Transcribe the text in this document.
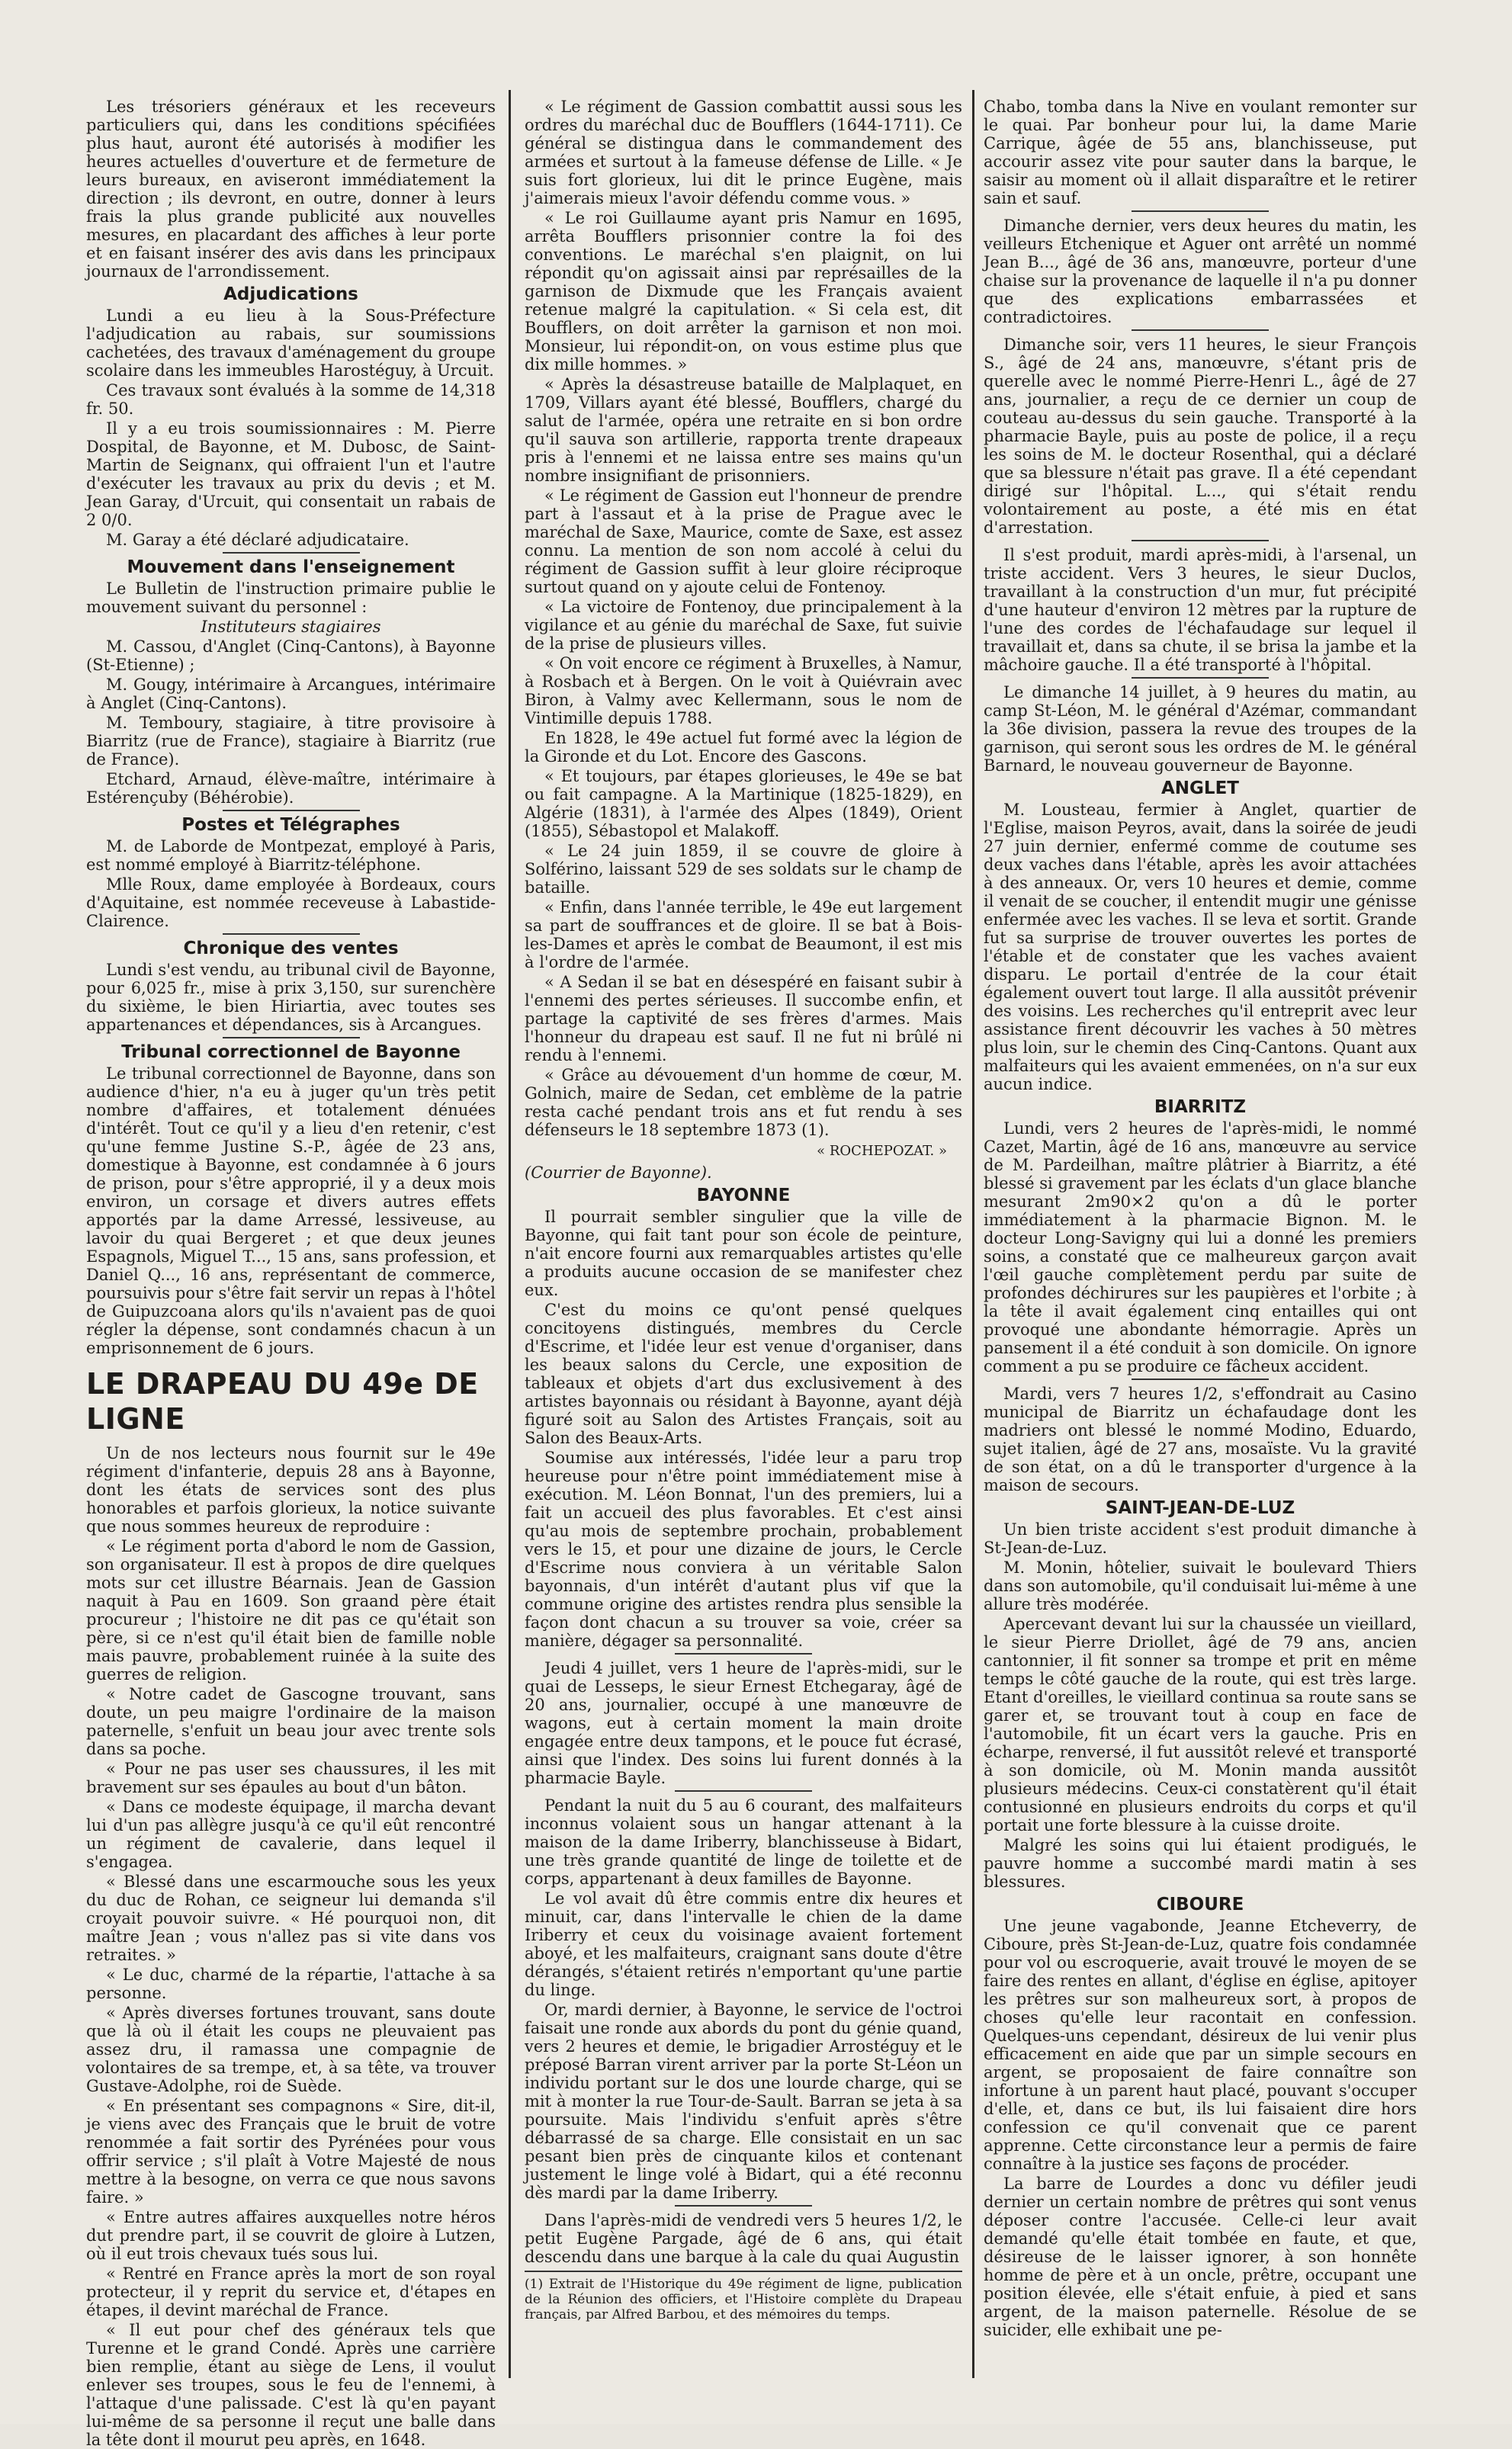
Les trésoriers généraux et les receveurs particuliers qui, dans les conditions spécifiées plus haut, auront été autorisés à modifier les heures actuelles d'ouverture et de fermeture de leurs bureaux, en aviseront immédiatement la direction ; ils devront, en outre, donner à leurs frais la plus grande publicité aux nouvelles mesures, en placardant des affiches à leur porte et en faisant insérer des avis dans les principaux journaux de l'arrondissement.

Adjudications

Lundi a eu lieu à la Sous-Préfecture l'adjudication au rabais, sur soumissions cachetées, des travaux d'aménagement du groupe scolaire dans les immeubles Harostéguy, à Urcuit.

Ces travaux sont évalués à la somme de 14,318 fr. 50.

Il y a eu trois soumissionnaires : M. Pierre Dospital, de Bayonne, et M. Dubosc, de Saint-Martin de Seignanx, qui offraient l'un et l'autre d'exécuter les travaux au prix du devis ; et M. Jean Garay, d'Urcuit, qui consentait un rabais de 2 0/0.

M. Garay a été déclaré adjudicataire.

Mouvement dans l'enseignement

Le Bulletin de l'instruction primaire publie le mouvement suivant du personnel :

Instituteurs stagiaires

M. Cassou, d'Anglet (Cinq-Cantons), à Bayonne (St-Etienne) ;

M. Gougy, intérimaire à Arcangues, intérimaire à Anglet (Cinq-Cantons).

M. Temboury, stagiaire, à titre provisoire à Biarritz (rue de France), stagiaire à Biarritz (rue de France).

Etchard, Arnaud, élève-maître, intérimaire à Estérençuby (Béhérobie).

Postes et Télégraphes

M. de Laborde de Montpezat, employé à Paris, est nommé employé à Biarritz-téléphone.

Mlle Roux, dame employée à Bordeaux, cours d'Aquitaine, est nommée receveuse à Labastide-Clairence.

Chronique des ventes

Lundi s'est vendu, au tribunal civil de Bayonne, pour 6,025 fr., mise à prix 3,150, sur surenchère du sixième, le bien Hiriartia, avec toutes ses appartenances et dépendances, sis à Arcangues.

Tribunal correctionnel de Bayonne

Le tribunal correctionnel de Bayonne, dans son audience d'hier, n'a eu à juger qu'un très petit nombre d'affaires, et totalement dénuées d'intérêt. Tout ce qu'il y a lieu d'en retenir, c'est qu'une femme Justine S.-P., âgée de 23 ans, domestique à Bayonne, est condamnée à 6 jours de prison, pour s'être approprié, il y a deux mois environ, un corsage et divers autres effets apportés par la dame Arressé, lessiveuse, au lavoir du quai Bergeret ; et que deux jeunes Espagnols, Miguel T..., 15 ans, sans profession, et Daniel Q..., 16 ans, représentant de commerce, poursuivis pour s'être fait servir un repas à l'hôtel de Guipuzcoana alors qu'ils n'avaient pas de quoi régler la dépense, sont condamnés chacun à un emprisonnement de 6 jours.

LE DRAPEAU DU 49e DE LIGNE

Un de nos lecteurs nous fournit sur le 49e régiment d'infanterie, depuis 28 ans à Bayonne, dont les états de services sont des plus honorables et parfois glorieux, la notice suivante que nous sommes heureux de reproduire :

« Le régiment porta d'abord le nom de Gassion, son organisateur. Il est à propos de dire quelques mots sur cet illustre Béarnais. Jean de Gassion naquit à Pau en 1609. Son graand père était procureur ; l'histoire ne dit pas ce qu'était son père, si ce n'est qu'il était bien de famille noble mais pauvre, probablement ruinée à la suite des guerres de religion.

« Notre cadet de Gascogne trouvant, sans doute, un peu maigre l'ordinaire de la maison paternelle, s'enfuit un beau jour avec trente sols dans sa poche.

« Pour ne pas user ses chaussures, il les mit bravement sur ses épaules au bout d'un bâton.

« Dans ce modeste équipage, il marcha devant lui d'un pas allègre jusqu'à ce qu'il eût rencontré un régiment de cavalerie, dans lequel il s'engagea.

« Blessé dans une escarmouche sous les yeux du duc de Rohan, ce seigneur lui demanda s'il croyait pouvoir suivre. « Hé pourquoi non, dit maître Jean ; vous n'allez pas si vite dans vos retraites. »

« Le duc, charmé de la répartie, l'attache à sa personne.

« Après diverses fortunes trouvant, sans doute que là où il était les coups ne pleuvaient pas assez dru, il ramassa une compagnie de volontaires de sa trempe, et, à sa tête, va trouver Gustave-Adolphe, roi de Suède.

« En présentant ses compagnons « Sire, dit-il, je viens avec des Français que le bruit de votre renommée a fait sortir des Pyrénées pour vous offrir service ; s'il plaît à Votre Majesté de nous mettre à la besogne, on verra ce que nous savons faire. »

« Entre autres affaires auxquelles notre héros dut prendre part, il se couvrit de gloire à Lutzen, où il eut trois chevaux tués sous lui.

« Rentré en France après la mort de son royal protecteur, il y reprit du service et, d'étapes en étapes, il devint maréchal de France.

« Il eut pour chef des généraux tels que Turenne et le grand Condé. Après une carrière bien remplie, étant au siège de Lens, il voulut enlever ses troupes, sous le feu de l'ennemi, à l'attaque d'une palissade. C'est là qu'en payant lui-même de sa personne il reçut une balle dans la tête dont il mourut peu après, en 1648.

« Le régiment de Gassion combattit aussi sous les ordres du maréchal duc de Boufflers (1644-1711). Ce général se distingua dans le commandement des armées et surtout à la fameuse défense de Lille. « Je suis fort glorieux, lui dit le prince Eugène, mais j'aimerais mieux l'avoir défendu comme vous. »

« Le roi Guillaume ayant pris Namur en 1695, arrêta Boufflers prisonnier contre la foi des conventions. Le maréchal s'en plaignit, on lui répondit qu'on agissait ainsi par représailles de la garnison de Dixmude que les Français avaient retenue malgré la capitulation. « Si cela est, dit Boufflers, on doit arrêter la garnison et non moi. Monsieur, lui répondit-on, on vous estime plus que dix mille hommes. »

« Après la désastreuse bataille de Malplaquet, en 1709, Villars ayant été blessé, Boufflers, chargé du salut de l'armée, opéra une retraite en si bon ordre qu'il sauva son artillerie, rapporta trente drapeaux pris à l'ennemi et ne laissa entre ses mains qu'un nombre insignifiant de prisonniers.

« Le régiment de Gassion eut l'honneur de prendre part à l'assaut et à la prise de Prague avec le maréchal de Saxe, Maurice, comte de Saxe, est assez connu. La mention de son nom accolé à celui du régiment de Gassion suffit à leur gloire réciproque surtout quand on y ajoute celui de Fontenoy.

« La victoire de Fontenoy, due principalement à la vigilance et au génie du maréchal de Saxe, fut suivie de la prise de plusieurs villes.

« On voit encore ce régiment à Bruxelles, à Namur, à Rosbach et à Bergen. On le voit à Quiévrain avec Biron, à Valmy avec Kellermann, sous le nom de Vintimille depuis 1788.

En 1828, le 49e actuel fut formé avec la légion de la Gironde et du Lot. Encore des Gascons.

« Et toujours, par étapes glorieuses, le 49e se bat ou fait campagne. A la Martinique (1825-1829), en Algérie (1831), à l'armée des Alpes (1849), Orient (1855), Sébastopol et Malakoff.

« Le 24 juin 1859, il se couvre de gloire à Solférino, laissant 529 de ses soldats sur le champ de bataille.

« Enfin, dans l'année terrible, le 49e eut largement sa part de souffrances et de gloire. Il se bat à Bois-les-Dames et après le combat de Beaumont, il est mis à l'ordre de l'armée.

« A Sedan il se bat en désespéré en faisant subir à l'ennemi des pertes sérieuses. Il succombe enfin, et partage la captivité de ses frères d'armes. Mais l'honneur du drapeau est sauf. Il ne fut ni brûlé ni rendu à l'ennemi.

« Grâce au dévouement d'un homme de cœur, M. Golnich, maire de Sedan, cet emblème de la patrie resta caché pendant trois ans et fut rendu à ses défenseurs le 18 septembre 1873 (1).

« ROCHEPOZAT. »
(Courrier de Bayonne).
BAYONNE

Il pourrait sembler singulier que la ville de Bayonne, qui fait tant pour son école de peinture, n'ait encore fourni aux remarquables artistes qu'elle a produits aucune occasion de se manifester chez eux.

C'est du moins ce qu'ont pensé quelques concitoyens distingués, membres du Cercle d'Escrime, et l'idée leur est venue d'organiser, dans les beaux salons du Cercle, une exposition de tableaux et objets d'art dus exclusivement à des artistes bayonnais ou résidant à Bayonne, ayant déjà figuré soit au Salon des Artistes Français, soit au Salon des Beaux-Arts.

Soumise aux intéressés, l'idée leur a paru trop heureuse pour n'être point immédiatement mise à exécution. M. Léon Bonnat, l'un des premiers, lui a fait un accueil des plus favorables. Et c'est ainsi qu'au mois de septembre prochain, probablement vers le 15, et pour une dizaine de jours, le Cercle d'Escrime nous conviera à un véritable Salon bayonnais, d'un intérêt d'autant plus vif que la commune origine des artistes rendra plus sensible la façon dont chacun a su trouver sa voie, créer sa manière, dégager sa personnalité.

Jeudi 4 juillet, vers 1 heure de l'après-midi, sur le quai de Lesseps, le sieur Ernest Etchegaray, âgé de 20 ans, journalier, occupé à une manœuvre de wagons, eut à certain moment la main droite engagée entre deux tampons, et le pouce fut écrasé, ainsi que l'index. Des soins lui furent donnés à la pharmacie Bayle.

Pendant la nuit du 5 au 6 courant, des malfaiteurs inconnus volaient sous un hangar attenant à la maison de la dame Iriberry, blanchisseuse à Bidart, une très grande quantité de linge de toilette et de corps, appartenant à deux familles de Bayonne.

Le vol avait dû être commis entre dix heures et minuit, car, dans l'intervalle le chien de la dame Iriberry et ceux du voisinage avaient fortement aboyé, et les malfaiteurs, craignant sans doute d'être dérangés, s'étaient retirés n'emportant qu'une partie du linge.

Or, mardi dernier, à Bayonne, le service de l'octroi faisait une ronde aux abords du pont du génie quand, vers 2 heures et demie, le brigadier Arrostéguy et le préposé Barran virent arriver par la porte St-Léon un individu portant sur le dos une lourde charge, qui se mit à monter la rue Tour-de-Sault. Barran se jeta à sa poursuite. Mais l'individu s'enfuit après s'être débarrassé de sa charge. Elle consistait en un sac pesant bien près de cinquante kilos et contenant justement le linge volé à Bidart, qui a été reconnu dès mardi par la dame Iriberry.

Dans l'après-midi de vendredi vers 5 heures 1/2, le petit Eugène Pargade, âgé de 6 ans, qui était descendu dans une barque à la cale du quai Augustin

(1) Extrait de l'Historique du 49e régiment de ligne, publication de la Réunion des officiers, et l'Histoire complète du Drapeau français, par Alfred Barbou, et des mémoires du temps.

Chabo, tomba dans la Nive en voulant remonter sur le quai. Par bonheur pour lui, la dame Marie Carrique, âgée de 55 ans, blanchisseuse, put accourir assez vite pour sauter dans la barque, le saisir au moment où il allait disparaître et le retirer sain et sauf.

Dimanche dernier, vers deux heures du matin, les veilleurs Etchenique et Aguer ont arrêté un nommé Jean B..., âgé de 36 ans, manœuvre, porteur d'une chaise sur la provenance de laquelle il n'a pu donner que des explications embarrassées et contradictoires.

Dimanche soir, vers 11 heures, le sieur François S., âgé de 24 ans, manœuvre, s'étant pris de querelle avec le nommé Pierre-Henri L., âgé de 27 ans, journalier, a reçu de ce dernier un coup de couteau au-dessus du sein gauche. Transporté à la pharmacie Bayle, puis au poste de police, il a reçu les soins de M. le docteur Rosenthal, qui a déclaré que sa blessure n'était pas grave. Il a été cependant dirigé sur l'hôpital. L..., qui s'était rendu volontairement au poste, a été mis en état d'arrestation.

Il s'est produit, mardi après-midi, à l'arsenal, un triste accident. Vers 3 heures, le sieur Duclos, travaillant à la construction d'un mur, fut précipité d'une hauteur d'environ 12 mètres par la rupture de l'une des cordes de l'échafaudage sur lequel il travaillait et, dans sa chute, il se brisa la jambe et la mâchoire gauche. Il a été transporté à l'hôpital.

Le dimanche 14 juillet, à 9 heures du matin, au camp St-Léon, M. le général d'Azémar, commandant la 36e division, passera la revue des troupes de la garnison, qui seront sous les ordres de M. le général Barnard, le nouveau gouverneur de Bayonne.

ANGLET

M. Lousteau, fermier à Anglet, quartier de l'Eglise, maison Peyros, avait, dans la soirée de jeudi 27 juin dernier, enfermé comme de coutume ses deux vaches dans l'étable, après les avoir attachées à des anneaux. Or, vers 10 heures et demie, comme il venait de se coucher, il entendit mugir une génisse enfermée avec les vaches. Il se leva et sortit. Grande fut sa surprise de trouver ouvertes les portes de l'étable et de constater que les vaches avaient disparu. Le portail d'entrée de la cour était également ouvert tout large. Il alla aussitôt prévenir des voisins. Les recherches qu'il entreprit avec leur assistance firent découvrir les vaches à 50 mètres plus loin, sur le chemin des Cinq-Cantons. Quant aux malfaiteurs qui les avaient emmenées, on n'a sur eux aucun indice.

BIARRITZ

Lundi, vers 2 heures de l'après-midi, le nommé Cazet, Martin, âgé de 16 ans, manœuvre au service de M. Pardeilhan, maître plâtrier à Biarritz, a été blessé si gravement par les éclats d'un glace blanche mesurant 2m90×2 qu'on a dû le porter immédiatement à la pharmacie Bignon. M. le docteur Long-Savigny qui lui a donné les premiers soins, a constaté que ce malheureux garçon avait l'œil gauche complètement perdu par suite de profondes déchirures sur les paupières et l'orbite ; à la tête il avait également cinq entailles qui ont provoqué une abondante hémorragie. Après un pansement il a été conduit à son domicile. On ignore comment a pu se produire ce fâcheux accident.

Mardi, vers 7 heures 1/2, s'effondrait au Casino municipal de Biarritz un échafaudage dont les madriers ont blessé le nommé Modino, Eduardo, sujet italien, âgé de 27 ans, mosaïste. Vu la gravité de son état, on a dû le transporter d'urgence à la maison de secours.

SAINT-JEAN-DE-LUZ

Un bien triste accident s'est produit dimanche à St-Jean-de-Luz.

M. Monin, hôtelier, suivait le boulevard Thiers dans son automobile, qu'il conduisait lui-même à une allure très modérée.

Apercevant devant lui sur la chaussée un vieillard, le sieur Pierre Driollet, âgé de 79 ans, ancien cantonnier, il fit sonner sa trompe et prit en même temps le côté gauche de la route, qui est très large. Etant d'oreilles, le vieillard continua sa route sans se garer et, se trouvant tout à coup en face de l'automobile, fit un écart vers la gauche. Pris en écharpe, renversé, il fut aussitôt relevé et transporté à son domicile, où M. Monin manda aussitôt plusieurs médecins. Ceux-ci constatèrent qu'il était contusionné en plusieurs endroits du corps et qu'il portait une forte blessure à la cuisse droite.

Malgré les soins qui lui étaient prodigués, le pauvre homme a succombé mardi matin à ses blessures.

CIBOURE

Une jeune vagabonde, Jeanne Etcheverry, de Ciboure, près St-Jean-de-Luz, quatre fois condamnée pour vol ou escroquerie, avait trouvé le moyen de se faire des rentes en allant, d'église en église, apitoyer les prêtres sur son malheureux sort, à propos de choses qu'elle leur racontait en confession. Quelques-uns cependant, désireux de lui venir plus efficacement en aide que par un simple secours en argent, se proposaient de faire connaître son infortune à un parent haut placé, pouvant s'occuper d'elle, et, dans ce but, ils lui faisaient dire hors confession ce qu'il convenait que ce parent apprenne. Cette circonstance leur a permis de faire connaître à la justice ses façons de procéder.

La barre de Lourdes a donc vu défiler jeudi dernier un certain nombre de prêtres qui sont venus déposer contre l'accusée. Celle-ci leur avait demandé qu'elle était tombée en faute, et que, désireuse de le laisser ignorer, à son honnête homme de père et à un oncle, prêtre, occupant une position élevée, elle s'était enfuie, à pied et sans argent, de la maison paternelle. Résolue de se suicider, elle exhibait une pe-
